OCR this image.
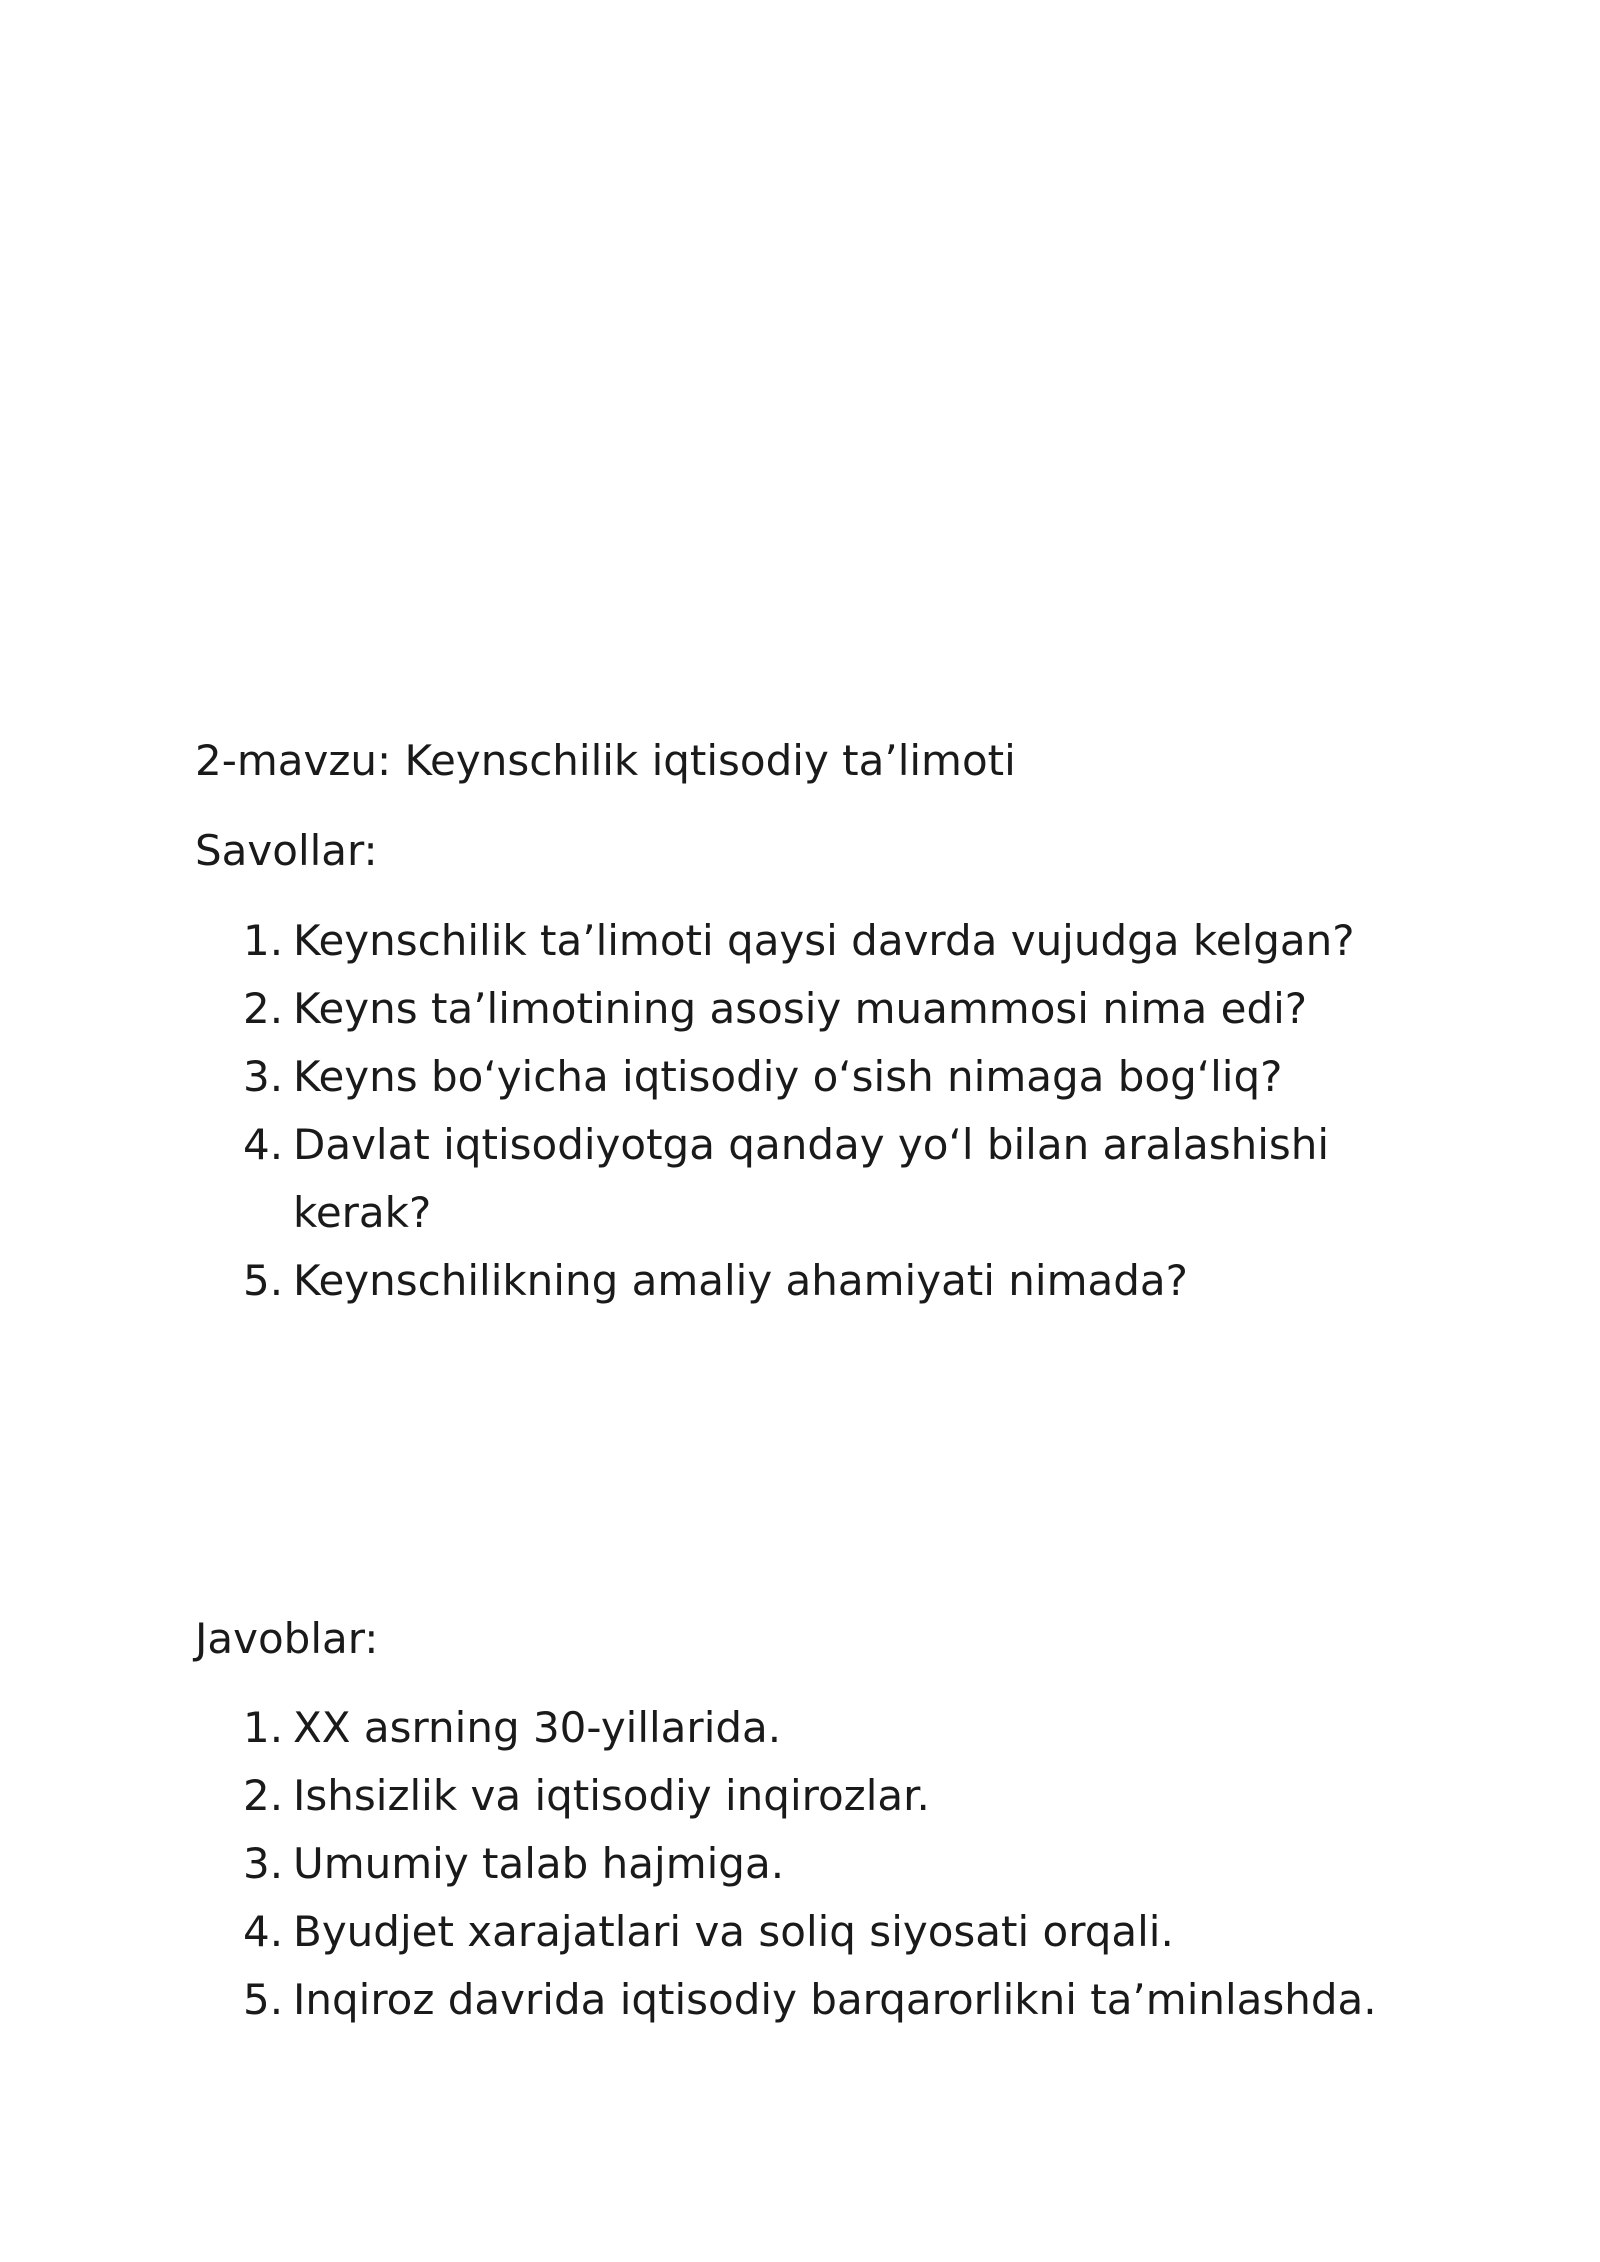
2-mavzu: Keynschilik iqtisodiy ta’limoti
Savollar:
1. Keynschilik ta’limoti qaysi davrda vujudga kelgan?
2. Keyns ta’limotining asosiy muammosi nima edi?
3. Keyns bo‘yicha iqtisodiy o‘sish nimaga bog‘liq?
4. Davlat iqtisodiyotga qanday yo‘l bilan aralashishi kerak?
5. Keynschilikning amaliy ahamiyati nimada?
Javoblar:
1. XX asrning 30-yillarida.
2. Ishsizlik va iqtisodiy inqirozlar.
3. Umumiy talab hajmiga.
4. Byudjet xarajatlari va soliq siyosati orqali.
5. Inqiroz davrida iqtisodiy barqarorlikni ta’minlashda.
